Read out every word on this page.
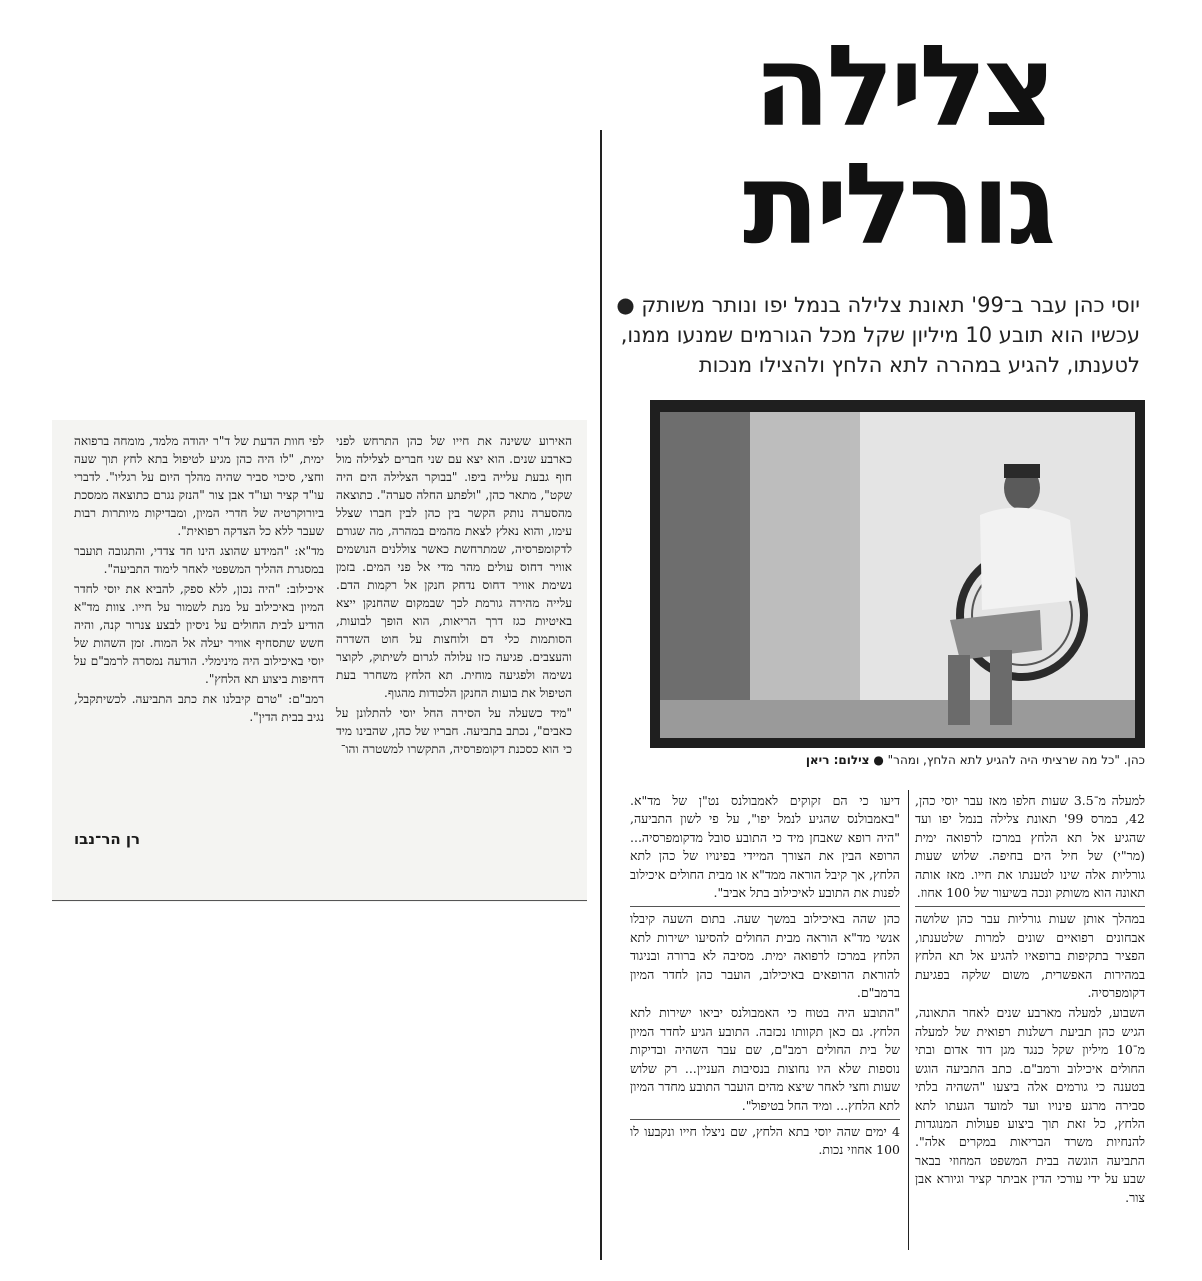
צלילה
גורלית
יוסי כהן עבר ב־99' תאונת צלילה בנמל יפו ונותר משותק ● עכשיו הוא תובע 10 מיליון שקל מכל הגורמים שמנעו ממנו, לטענתו, להגיע במהרה לתא הלחץ ולהצילו מנכות
כהן. "כל מה שרציתי היה להגיע לתא הלחץ, ומהר" ● צילום: ריאן

למעלה מ־3.5 שעות חלפו מאז עבר יוסי כהן, 42, במרס 99' תאונת צלילה בנמל יפו ועד שהגיע אל תא הלחץ במרכז לרפואה ימית (מר"י) של חיל הים בחיפה. שלוש שעות גורליות אלה שינו לטענתו את חייו. מאז אותה תאונה הוא משותק ונכה בשיעור של 100 אחוז.

במהלך אותן שעות גורליות עבר כהן שלושה אבחונים רפואיים שונים למרות שלטענתו, הפציר בתקיפות ברופאיו להגיע אל תא הלחץ במהירות האפשרית, משום שלקה בפגיעת דקומפרסיה.

השבוע, למעלה מארבע שנים לאחר התאונה, הגיש כהן תביעת רשלנות רפואית של למעלה מ־10 מיליון שקל כנגד מגן דוד אדום ובתי החולים איכילוב ורמב"ם. כתב התביעה הוגש בטענה כי גורמים אלה ביצעו "השהיה בלתי סבירה מרגע פינויו ועד למועד הגעתו לתא הלחץ, כל זאת תוך ביצוע פעולות המנוגדות להנחיות משרד הבריאות במקרים אלה". התביעה הוגשה בבית המשפט המחוזי בבאר שבע על ידי עורכי הדין אביתר קציר וגיורא אבן צור.

דיעו כי הם זקוקים לאמבולנס נט"ן של מד"א. "באמבולנס שהגיע לנמל יפו", על פי לשון התביעה, "היה רופא שאבחן מיד כי התובע סובל מדקומפרסיה... הרופא הבין את הצורך המיידי בפינויו של כהן לתא הלחץ, אך קיבל הוראה ממד"א או מבית החולים איכילוב לפנות את התובע לאיכילוב בתל אביב".

כהן שהה באיכילוב במשך שעה. בתום השעה קיבלו אנשי מד"א הוראה מבית החולים להסיעו ישירות לתא הלחץ במרכז לרפואה ימית. מסיבה לא ברורה ובניגוד להוראת הרופאים באיכילוב, הועבר כהן לחדר המיון ברמב"ם.

"התובע היה בטוח כי האמבולנס יביאו ישירות לתא הלחץ. גם כאן תקוותו נכזבה. התובע הגיע לחדר המיון של בית החולים רמב"ם, שם עבר השהיה ובדיקות נוספות שלא היו נחוצות בנסיבות העניין... רק שלוש שעות וחצי לאחר שיצא מהים הועבר התובע מחדר המיון לתא הלחץ... ומיד החל בטיפול".

4 ימים שהה יוסי בתא הלחץ, שם ניצלו חייו ונקבעו לו 100 אחוזי נכות.

האירוע ששינה את חייו של כהן התרחש לפני כארבע שנים. הוא יצא עם שני חברים לצלילה מול חוף גבעת עלייה ביפו. "בבוקר הצלילה הים היה שקט", מתאר כהן, "ולפתע החלה סערה". כתוצאה מהסערה נותק הקשר בין כהן לבין חברו שצלל עימו, והוא נאלץ לצאת מהמים במהרה, מה שגורם לדקומפרסיה, שמתרחשת כאשר צוללנים הנושמים אוויר דחוס עולים מהר מדי אל פני המים. בזמן נשימת אוויר דחוס נדחק חנקן אל רקמות הדם. עלייה מהירה גורמת לכך שבמקום שהחנקן ייצא באיטיות כגז דרך הריאות, הוא הופך לבועות, הסותמות כלי דם ולוחצות על חוט השדרה והעצבים. פגיעה כזו עלולה לגרום לשיתוק, לקוצר נשימה ולפגיעה מוחית. תא הלחץ משחרר בעת הטיפול את בועות החנקן הלכודות מהגוף.

"מיד כשעלה על הסירה החל יוסי להתלונן על כאבים", נכתב בתביעה. חבריו של כהן, שהבינו מיד כי הוא כסכנת דקומפרסיה, התקשרו למשטרה והו־

לפי חוות הדעת של ד"ר יהודה מלמד, מומחה ברפואה ימית, "לו היה כהן מגיע לטיפול בתא לחץ תוך שעה וחצי, סיכוי סביר שהיה מהלך היום על רגליו". לדברי עו"ד קציר ועו"ד אבן צור "הנזק נגרם כתוצאה ממסכת ביורוקרטיה של חדרי המיון, ומבדיקות מיותרות רבות שעבר ללא כל הצדקה רפואית".

מד"א: "המידע שהוצג הינו חד צדדי, והתגובה תועבר במסגרת ההליך המשפטי לאחר לימוד התביעה".

איכילוב: "היה נכון, ללא ספק, להביא את יוסי לחדר המיון באיכילוב על מנת לשמור על חייו. צוות מד"א הודיע לבית החולים על ניסיון לבצע צנרור קנה, והיה חשש שתסחיף אוויר יעלה אל המוח. זמן השהות של יוסי באיכילוב היה מינימלי. הודעה נמסרה לרמב"ם על דחיפות ביצוע תא הלחץ".

רמב"ם: "טרם קיבלנו את כתב התביעה. לכשיתקבל, נגיב בבית הדין".

רן הר־נבו
